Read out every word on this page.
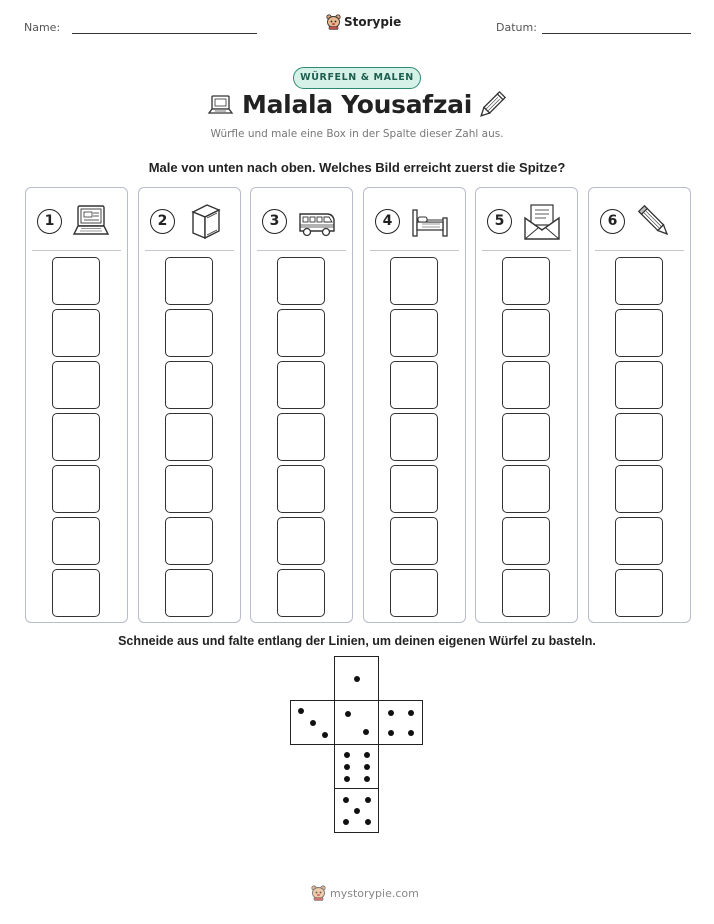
Name:	Storypie	Datum:
WÜRFELN & MALEN
Malala Yousafzai
Würfle und male eine Box in der Spalte dieser Zahl aus.
Male von unten nach oben. Welches Bild erreicht zuerst die Spitze?
1	2	3	4	5	6
Schneide aus und falte entlang der Linien, um deinen eigenen Würfel zu basteln.
mystorypie.com
